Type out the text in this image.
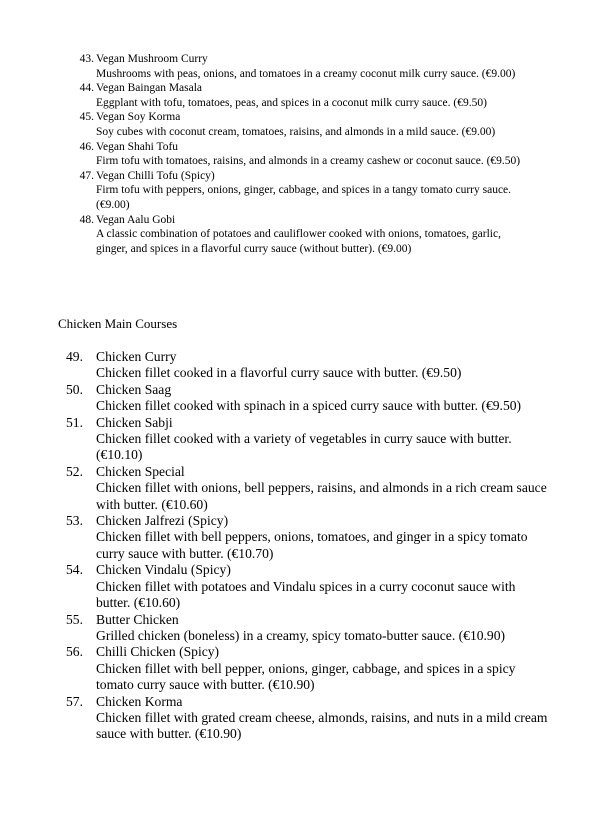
43. Vegan Mushroom Curry
Mushrooms with peas, onions, and tomatoes in a creamy coconut milk curry sauce. (€9.00)
44. Vegan Baingan Masala
Eggplant with tofu, tomatoes, peas, and spices in a coconut milk curry sauce. (€9.50)
45. Vegan Soy Korma
Soy cubes with coconut cream, tomatoes, raisins, and almonds in a mild sauce. (€9.00)
46. Vegan Shahi Tofu
Firm tofu with tomatoes, raisins, and almonds in a creamy cashew or coconut sauce. (€9.50)
47. Vegan Chilli Tofu (Spicy)
Firm tofu with peppers, onions, ginger, cabbage, and spices in a tangy tomato curry sauce. (€9.00)
48. Vegan Aalu Gobi
A classic combination of potatoes and cauliflower cooked with onions, tomatoes, garlic, ginger, and spices in a flavorful curry sauce (without butter). (€9.00)
Chicken Main Courses
49. Chicken Curry
Chicken fillet cooked in a flavorful curry sauce with butter. (€9.50)
50. Chicken Saag
Chicken fillet cooked with spinach in a spiced curry sauce with butter. (€9.50)
51. Chicken Sabji
Chicken fillet cooked with a variety of vegetables in curry sauce with butter. (€10.10)
52. Chicken Special
Chicken fillet with onions, bell peppers, raisins, and almonds in a rich cream sauce with butter. (€10.60)
53. Chicken Jalfrezi (Spicy)
Chicken fillet with bell peppers, onions, tomatoes, and ginger in a spicy tomato curry sauce with butter. (€10.70)
54. Chicken Vindalu (Spicy)
Chicken fillet with potatoes and Vindalu spices in a curry coconut sauce with butter. (€10.60)
55. Butter Chicken
Grilled chicken (boneless) in a creamy, spicy tomato-butter sauce. (€10.90)
56. Chilli Chicken (Spicy)
Chicken fillet with bell pepper, onions, ginger, cabbage, and spices in a spicy tomato curry sauce with butter. (€10.90)
57. Chicken Korma
Chicken fillet with grated cream cheese, almonds, raisins, and nuts in a mild cream sauce with butter. (€10.90)
